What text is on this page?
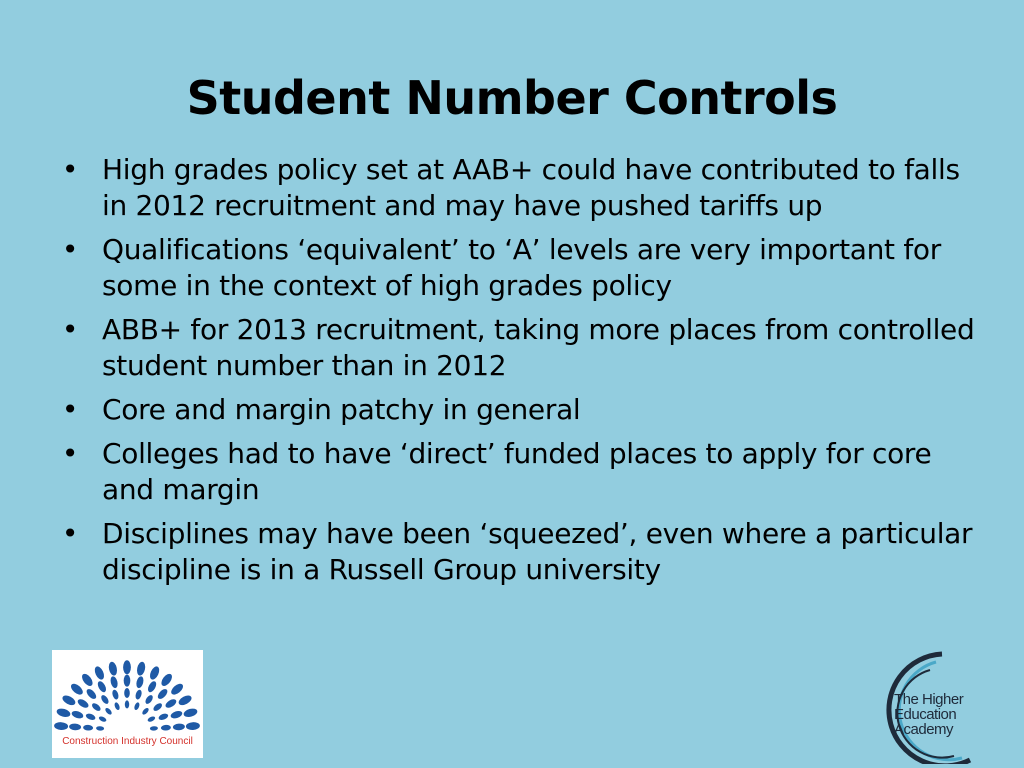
Student Number Controls
• High grades policy set at AAB+ could have contributed to falls in 2012 recruitment and may have pushed tariffs up
• Qualifications ‘equivalent’ to ‘A’ levels are very important for some in the context of high grades policy
• ABB+ for 2013 recruitment, taking more places from controlled student number than in 2012
• Core and margin patchy in general
• Colleges had to have ‘direct’ funded places to apply for core and margin
• Disciplines may have been ‘squeezed’, even where a particular discipline is in a Russell Group university
Construction Industry Council
The Higher
Education
Academy
